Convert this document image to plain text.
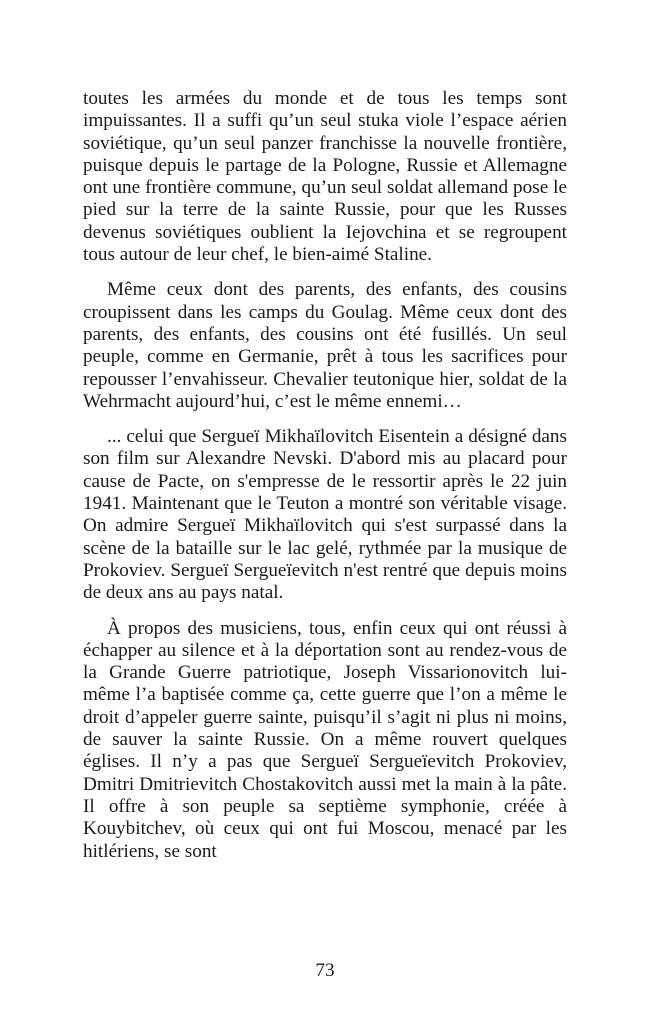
toutes les armées du monde et de tous les temps sont impuissantes. Il a suffi qu’un seul stuka viole l’espace aérien soviétique, qu’un seul panzer franchisse la nouvelle frontière, puisque depuis le partage de la Pologne, Russie et Allemagne ont une frontière commune, qu’un seul soldat allemand pose le pied sur la terre de la sainte Russie, pour que les Russes devenus soviétiques oublient la Iejovchina et se regroupent tous autour de leur chef, le bien-aimé Staline.

Même ceux dont des parents, des enfants, des cousins croupissent dans les camps du Goulag. Même ceux dont des parents, des enfants, des cousins ont été fusillés. Un seul peuple, comme en Germanie, prêt à tous les sacrifices pour repousser l’envahisseur. Chevalier teutonique hier, soldat de la Wehrmacht aujourd’hui, c’est le même ennemi…

... celui que Sergueï Mikhaïlovitch Eisentein a désigné dans son film sur Alexandre Nevski. D'abord mis au placard pour cause de Pacte, on s'empresse de le ressortir après le 22 juin 1941. Maintenant que le Teuton a montré son véritable visage. On admire Sergueï Mikhaïlovitch qui s'est surpassé dans la scène de la bataille sur le lac gelé, rythmée par la musique de Prokoviev. Sergueï Sergueïevitch n'est rentré que depuis moins de deux ans au pays natal.

À propos des musiciens, tous, enfin ceux qui ont réussi à échapper au silence et à la déportation sont au rendez-vous de la Grande Guerre patriotique, Joseph Vissarionovitch lui-même l’a baptisée comme ça, cette guerre que l’on a même le droit d’appeler guerre sainte, puisqu’il s’agit ni plus ni moins, de sauver la sainte Russie. On a même rouvert quelques églises. Il n’y a pas que Sergueï Sergueïevitch Prokoviev, Dmitri Dmitrievitch Chostakovitch aussi met la main à la pâte. Il offre à son peuple sa septième symphonie, créée à Kouybitchev, où ceux qui ont fui Moscou, menacé par les hitlériens, se sont

73
